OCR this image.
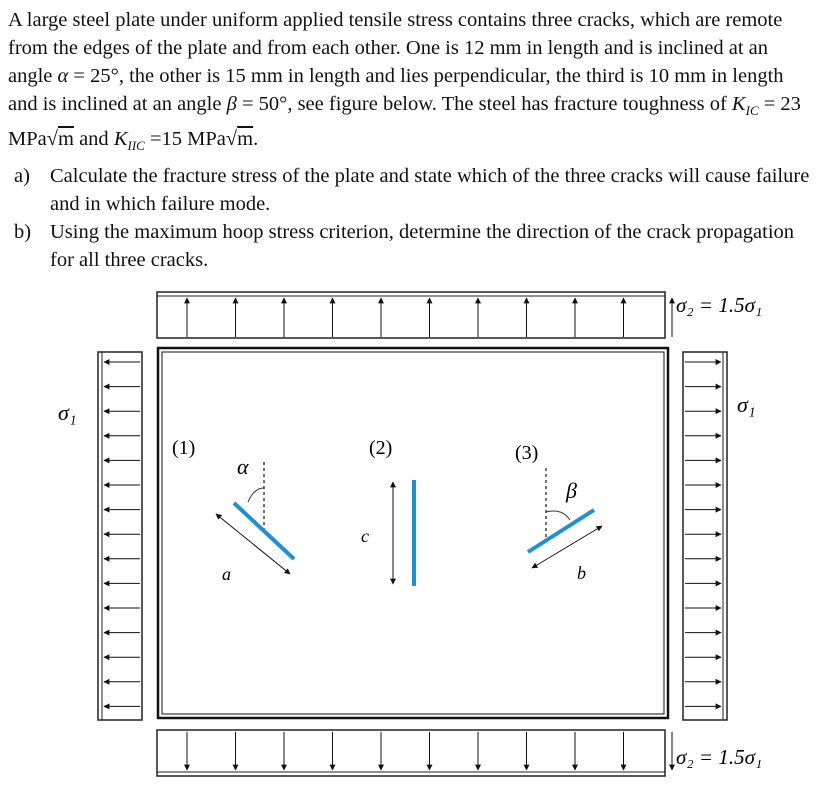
A large steel plate under uniform applied tensile stress contains three cracks, which are remote from the edges of the plate and from each other. One is 12 mm in length and is inclined at an angle α = 25°, the other is 15 mm in length and lies perpendicular, the third is 10 mm in length and is inclined at an angle β = 50°, see figure below. The steel has fracture toughness of $K_{IC} = 23$ MPa√m and $K_{IIC} =15$ MPa√m.

a) Calculate the fracture stress of the plate and state which of the three cracks will cause failure and in which failure mode.
b) Using the maximum hoop stress criterion, determine the direction of the crack propagation for all three cracks.
σ₂ = 1.5σ₁
σ₂ = 1.5σ₁
σ₁	σ₁
(1)
α
a
(2)
c
(3)
β
b
